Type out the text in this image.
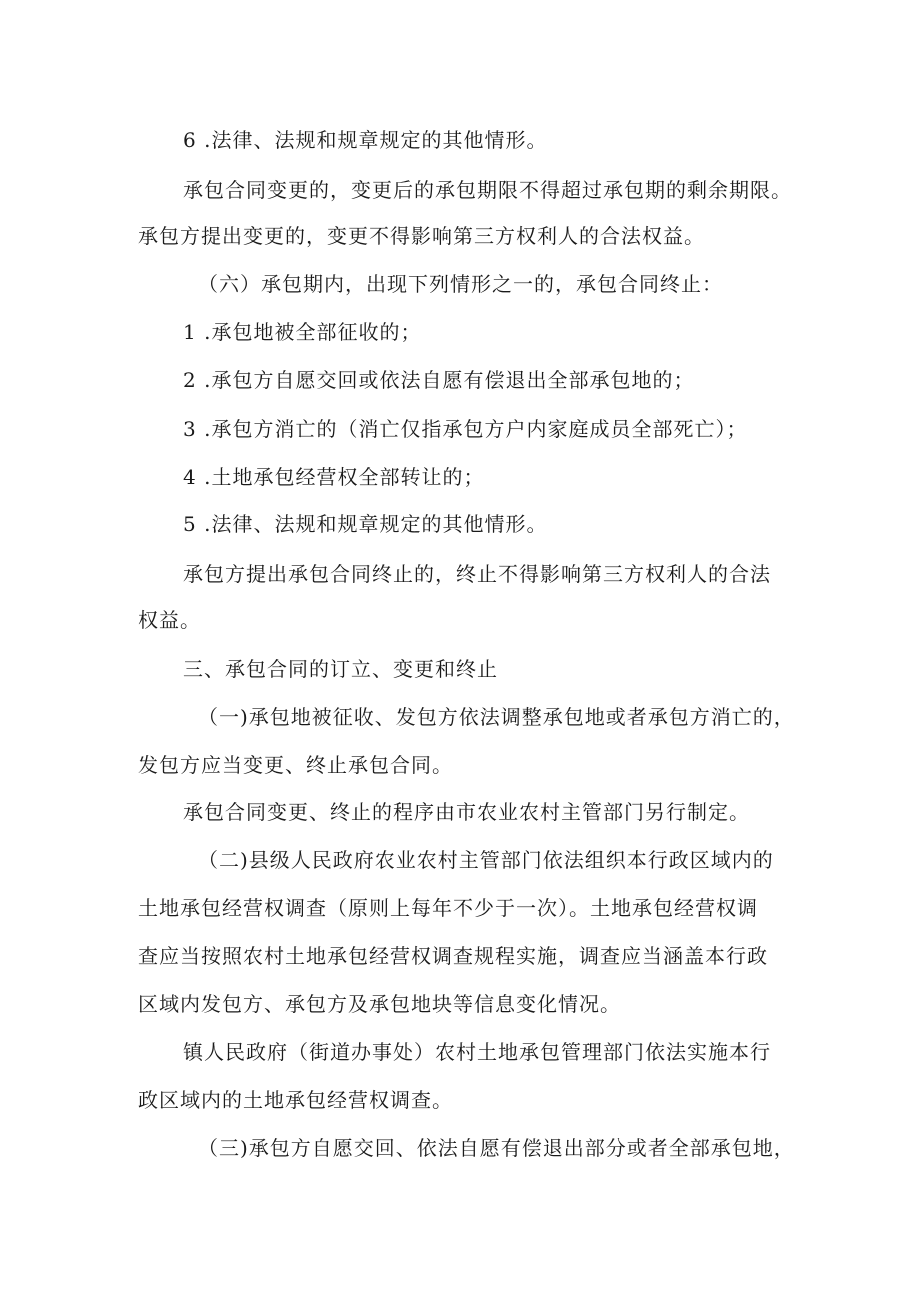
6 .法律、法规和规章规定的其他情形。
承包合同变更的，变更后的承包期限不得超过承包期的剩余期限。
承包方提出变更的，变更不得影响第三方权利人的合法权益。
（六）承包期内，出现下列情形之一的，承包合同终止：
1 .承包地被全部征收的；
2 .承包方自愿交回或依法自愿有偿退出全部承包地的；
3 .承包方消亡的（消亡仅指承包方户内家庭成员全部死亡）；
4 .土地承包经营权全部转让的；
5 .法律、法规和规章规定的其他情形。
承包方提出承包合同终止的，终止不得影响第三方权利人的合法
权益。
三、承包合同的订立、变更和终止
（一)承包地被征收、发包方依法调整承包地或者承包方消亡的，
发包方应当变更、终止承包合同。
承包合同变更、终止的程序由市农业农村主管部门另行制定。
（二)县级人民政府农业农村主管部门依法组织本行政区域内的
土地承包经营权调查（原则上每年不少于一次）。土地承包经营权调
查应当按照农村土地承包经营权调查规程实施，调查应当涵盖本行政
区域内发包方、承包方及承包地块等信息变化情况。
镇人民政府（街道办事处）农村土地承包管理部门依法实施本行
政区域内的土地承包经营权调查。
（三)承包方自愿交回、依法自愿有偿退出部分或者全部承包地，
